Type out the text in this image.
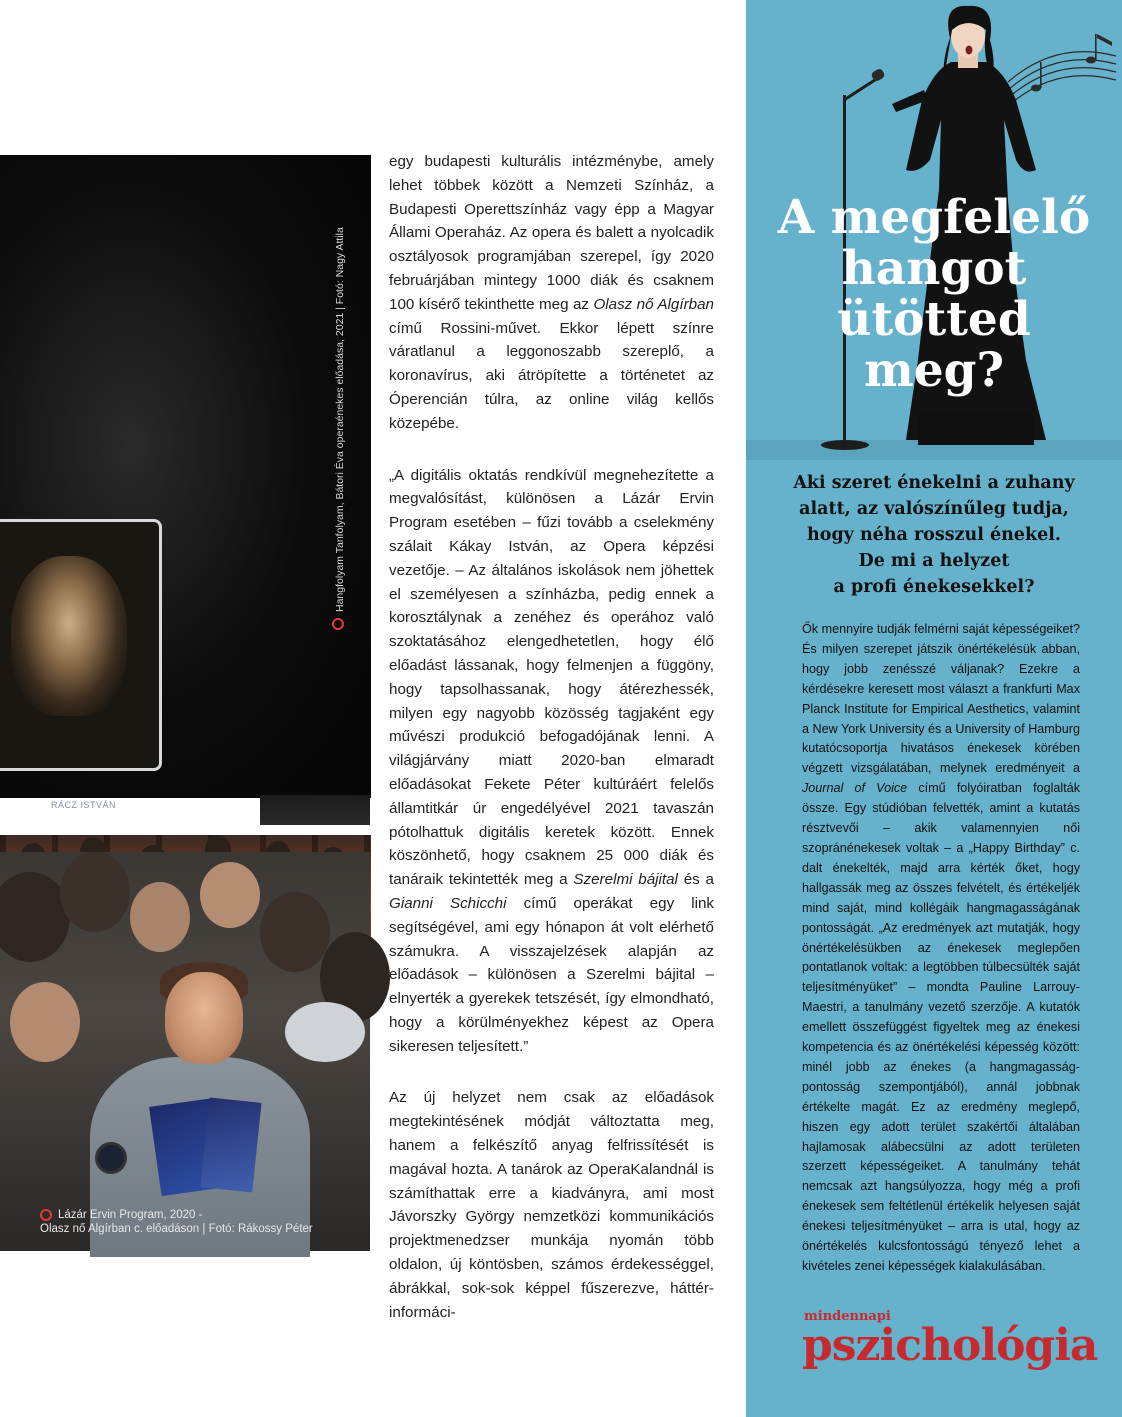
RÁCZ ISTVÁN
Hangfolyam Tanfolyam, Bátori Éva operaénekes előadása, 2021 | Fotó: Nagy Attila
Lázár Ervin Program, 2020 -
Olasz nő Algírban c. előadáson | Fotó: Rákossy Péter

egy budapesti kulturális intézménybe, amely lehet többek között a Nemzeti Színház, a Budapesti Operettszínház vagy épp a Magyar Állami Operaház. Az opera és balett a nyolcadik osztályosok programjában szerepel, így 2020 februárjában mintegy 1000 diák és csaknem 100 kísérő tekinthette meg az Olasz nő Algírban című Rossini-művet. Ekkor lépett színre váratlanul a leggonoszabb szereplő, a koronavírus, aki átröpítette a történetet az Óperencián túlra, az online világ kellős közepébe.

„A digitális oktatás rendkívül megnehezítette a megvalósítást, különösen a Lázár Ervin Program esetében – fűzi tovább a cselekmény szálait Kákay István, az Opera képzési vezetője. – Az általános iskolások nem jöhettek el személyesen a színházba, pedig ennek a korosztálynak a zenéhez és operához való szoktatásához elengedhetetlen, hogy élő előadást lássanak, hogy felmenjen a függöny, hogy tapsolhassanak, hogy átérezhessék, milyen egy nagyobb közösség tagjaként egy művészi produkció befogadójának lenni. A világjárvány miatt 2020-ban elmaradt előadásokat Fekete Péter kultúráért felelős államtitkár úr engedélyével 2021 tavaszán pótolhattuk digitális keretek között. Ennek köszönhető, hogy csaknem 25 000 diák és tanáraik tekintették meg a Szerelmi bájital és a Gianni Schicchi című operákat egy link segítségével, ami egy hónapon át volt elérhető számukra. A visszajelzések alapján az előadások – különösen a Szerelmi bájital – elnyerték a gyerekek tetszését, így elmondható, hogy a körülményekhez képest az Opera sikeresen teljesített.”

Az új helyzet nem csak az előadások megtekintésének módját változtatta meg, hanem a felkészítő anyag felfrissítését is magával hozta. A tanárok az OperaKalandnál is számíthattak erre a kiadványra, ami most Jávorszky György nemzetközi kommunikációs projektmenedzser munkája nyomán több oldalon, új köntösben, számos érdekességgel, ábrákkal, sok-sok képpel fűszerezve, háttér-informáci-

A megfelelő
hangot
ütötted
meg?
Aki szeret énekelni a zuhany
alatt, az valószínűleg tudja,
hogy néha rosszul énekel.
De mi a helyzet
a profi énekesekkel?
Ők mennyire tudják felmérni saját képességeiket? És milyen szerepet játszik önértékelésük abban, hogy jobb zenésszé váljanak? Ezekre a kérdésekre keresett most választ a frankfurti Max Planck Institute for Empirical Aesthetics, valamint a New York University és a University of Hamburg kutatócsoportja hivatásos énekesek körében végzett vizsgálatában, melynek eredményeit a Journal of Voice című folyóiratban foglalták össze. Egy stúdióban felvették, amint a kutatás résztvevői – akik valamennyien női szopránénekesek voltak – a „Happy Birthday” c. dalt énekelték, majd arra kérték őket, hogy hallgassák meg az összes felvételt, és értékeljék mind saját, mind kollégáik hangmagasságának pontosságát. „Az eredmények azt mutatják, hogy önértékelésükben az énekesek meglepően pontatlanok voltak: a legtöbben túlbecsülték saját teljesítményüket” – mondta Pauline Larrouy-Maestri, a tanulmány vezető szerzője. A kutatók emellett összefüggést figyeltek meg az énekesi kompetencia és az önértékelési képesség között: minél jobb az énekes (a hangmagasság-pontosság szempontjából), annál jobbnak értékelte magát. Ez az eredmény meglepő, hiszen egy adott terület szakértői általában hajlamosak alábecsülni az adott területen szerzett képességeiket. A tanulmány tehát nemcsak azt hangsúlyozza, hogy még a profi énekesek sem feltétlenül értékelik helyesen saját énekesi teljesítményüket – arra is utal, hogy az önértékelés kulcsfontosságú tényező lehet a kivételes zenei képességek kialakulásában.
mindennapi
pszichológia
